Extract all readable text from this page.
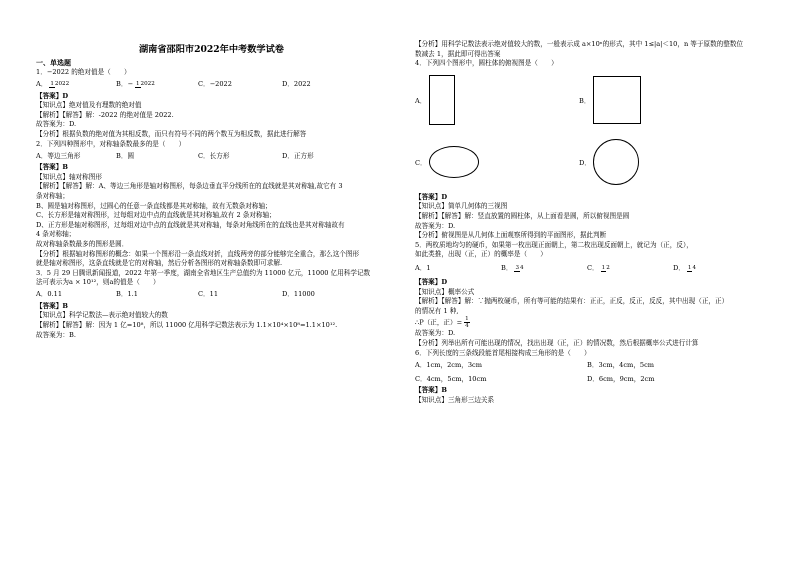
湖南省邵阳市2022年中考数学试卷
一、单选题
1．−2022 的绝对值是（　　）
A． 12022	B．− 12022	C．−2022	D．2022
【答案】D
【知识点】绝对值及有理数的绝对值
【解析】【解答】解：-2022 的绝对值是 2022.
故答案为：D.
【分析】根据负数的绝对值为其相反数，而只有符号不同的两个数互为相反数，据此进行解答
2．下列四种图形中，对称轴条数最多的是（　　）
A．等边三角形	B．圆	C．长方形	D．正方形
【答案】B
【知识点】轴对称图形
【解析】【解答】解：A、等边三角形是轴对称图形，每条边垂直平分线所在的直线就是其对称轴,故它有 3
条对称轴；
B、圆是轴对称图形，过圆心的任意一条直线都是其对称轴，故有无数条对称轴；
C、长方形是轴对称图形，过每组对边中点的直线就是其对称轴,故有 2 条对称轴；
D、正方形是轴对称图形，过每组对边中点的直线就是其对称轴，每条对角线所在的直线也是其对称轴故有
4 条对称轴；
故对称轴条数最多的图形是圆．
【分析】根据轴对称图形的概念：如果一个图形沿一条直线对折，直线两旁的部分能够完全重合，那么这个图形
就是轴对称图形，这条直线就是它的对称轴，然后分析各图形的对称轴条数即可求解.
3．5 月 29 日腾讯新闻报道，2022 年第一季度，湖南全省地区生产总值约为 11000 亿元，11000 亿用科学记数
法可表示为a × 10¹²，则a的值是（　　）
A．0.11	B．1.1	C．11	D．11000
【答案】B
【知识点】科学记数法—表示绝对值较大的数
【解析】【解答】解：因为 1 亿=10⁸，所以 11000 亿用科学记数法表示为 1.1×10⁴×10⁸=1.1×10¹².
故答案为：B.
【分析】用科学记数法表示绝对值较大的数，一般表示成 a×10ⁿ的形式，其中 1≤|a|＜10，n 等于原数的整数位
数减去 1，据此即可得出答案
4．下列四个图形中，圆柱体的俯视图是（　　）
A．	B．
C．	D．
【答案】D
【知识点】简单几何体的三视图
【解析】【解答】解：竖直放置的圆柱体，从上面看是圆，所以俯视图是圆
故答案为：D.
【分析】俯视图是从几何体上面观察所得到的平面图形，据此判断
5．两枚质地均匀的硬币，如果第一枚出现正面朝上，第二枚出现反面朝上，就记为（正，反），
如此类推，出现（正，正）的概率是（　　）
A．1	B． 34	C． 12	D． 14
【答案】D
【知识点】概率公式
【解析】【解答】解：∵抛两枚硬币，所有等可能的结果有：正正，正反，反正，反反，其中出现（正，正）
的情况有 1 种,
∴P（正，正）= $\frac{1}{4}$
故答案为：D.
【分析】列举出所有可能出现的情况，找出出现（正，正）的情况数，然后根据概率公式进行计算
6．下列长度的三条线段能首尾相接构成三角形的是（　　）
A．1cm，2cm，3cm	B．3cm，4cm，5cm
C．4cm，5cm，10cm	D．6cm，9cm，2cm
【答案】B
【知识点】三角形三边关系
